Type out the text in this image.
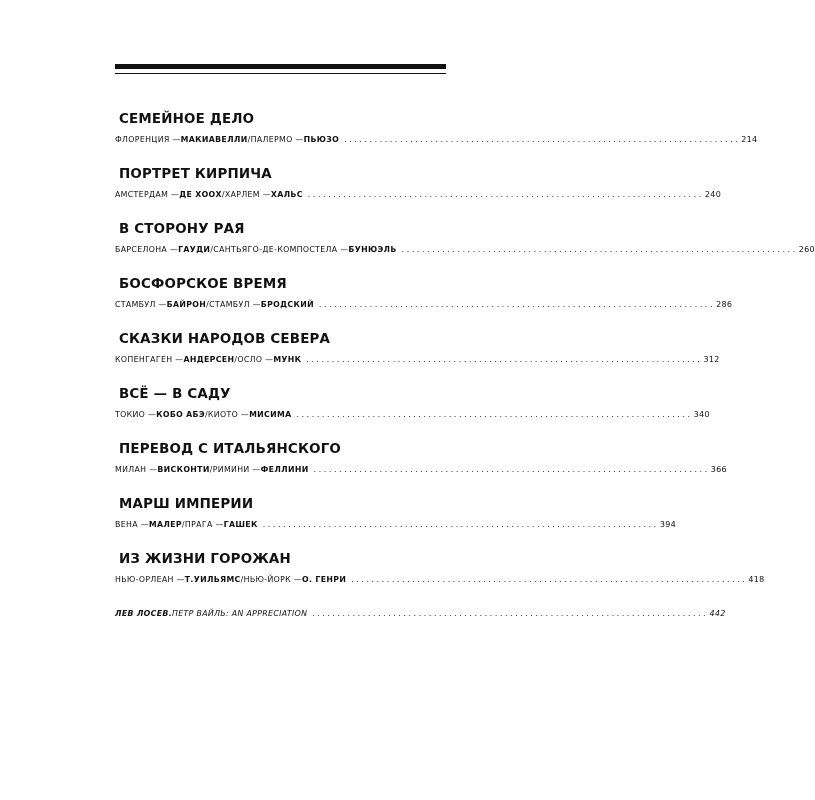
СЕМЕЙНОЕ ДЕЛО
ФЛОРЕНЦИЯ — МАКИАВЕЛЛИ / ПАЛЕРМО — ПЬЮЗО .............................................................................. 214
ПОРТРЕТ КИРПИЧА
АМСТЕРДАМ — ДЕ ХООХ / ХАРЛЕМ — ХАЛЬС .............................................................................. 240
В СТОРОНУ РАЯ
БАРСЕЛОНА — ГАУДИ / САНТЬЯГО-ДЕ-КОМПОСТЕЛА — БУНЮЭЛЬ .............................................................................. 260
БОСФОРСКОЕ ВРЕМЯ
СТАМБУЛ — БАЙРОН / СТАМБУЛ — БРОДСКИЙ .............................................................................. 286
СКАЗКИ НАРОДОВ СЕВЕРА
КОПЕНГАГЕН — АНДЕРСЕН / ОСЛО — МУНК .............................................................................. 312
ВСЁ — В САДУ
ТОКИО — КОБО АБЭ / КИОТО — МИСИМА .............................................................................. 340
ПЕРЕВОД С ИТАЛЬЯНСКОГО
МИЛАН — ВИСКОНТИ / РИМИНИ — ФЕЛЛИНИ .............................................................................. 366
МАРШ ИМПЕРИИ
ВЕНА — МАЛЕР / ПРАГА — ГАШЕК .............................................................................. 394
ИЗ ЖИЗНИ ГОРОЖАН
НЬЮ-ОРЛЕАН — Т.УИЛЬЯМС / НЬЮ-ЙОРК — О. ГЕНРИ .............................................................................. 418
ЛЕВ ЛОСЕВ. ПЕТР ВАЙЛЬ: AN APPRECIATION .............................................................................. 442
